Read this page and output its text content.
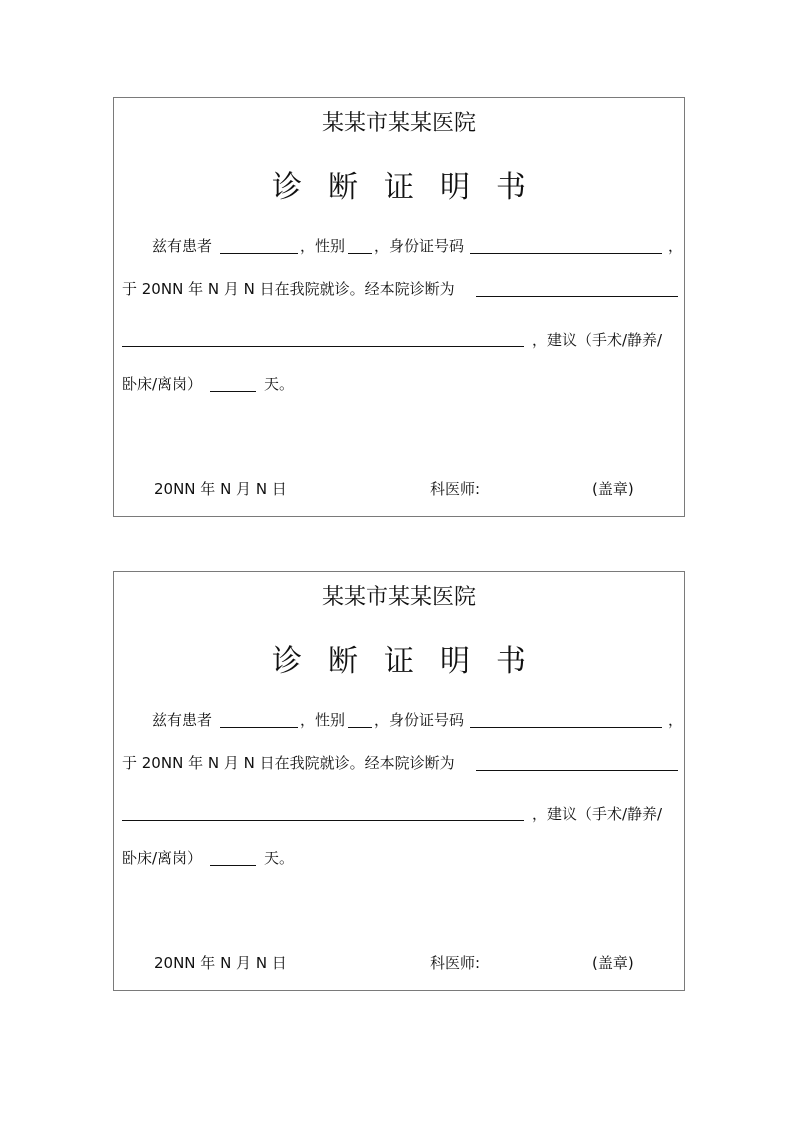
某某市某某医院
诊断证明书
兹有患者	，性别 ，身份证号码	，
于 20NN 年 N 月 N 日在我院就诊。经本院诊断为
，建议（手术/静养/
卧床/离岗）	天。
20NN 年 N 月 N 日	科医师:	(盖章)
某某市某某医院
诊断证明书
兹有患者	，性别 ，身份证号码	，
于 20NN 年 N 月 N 日在我院就诊。经本院诊断为
，建议（手术/静养/
卧床/离岗）	天。
20NN 年 N 月 N 日	科医师:	(盖章)
